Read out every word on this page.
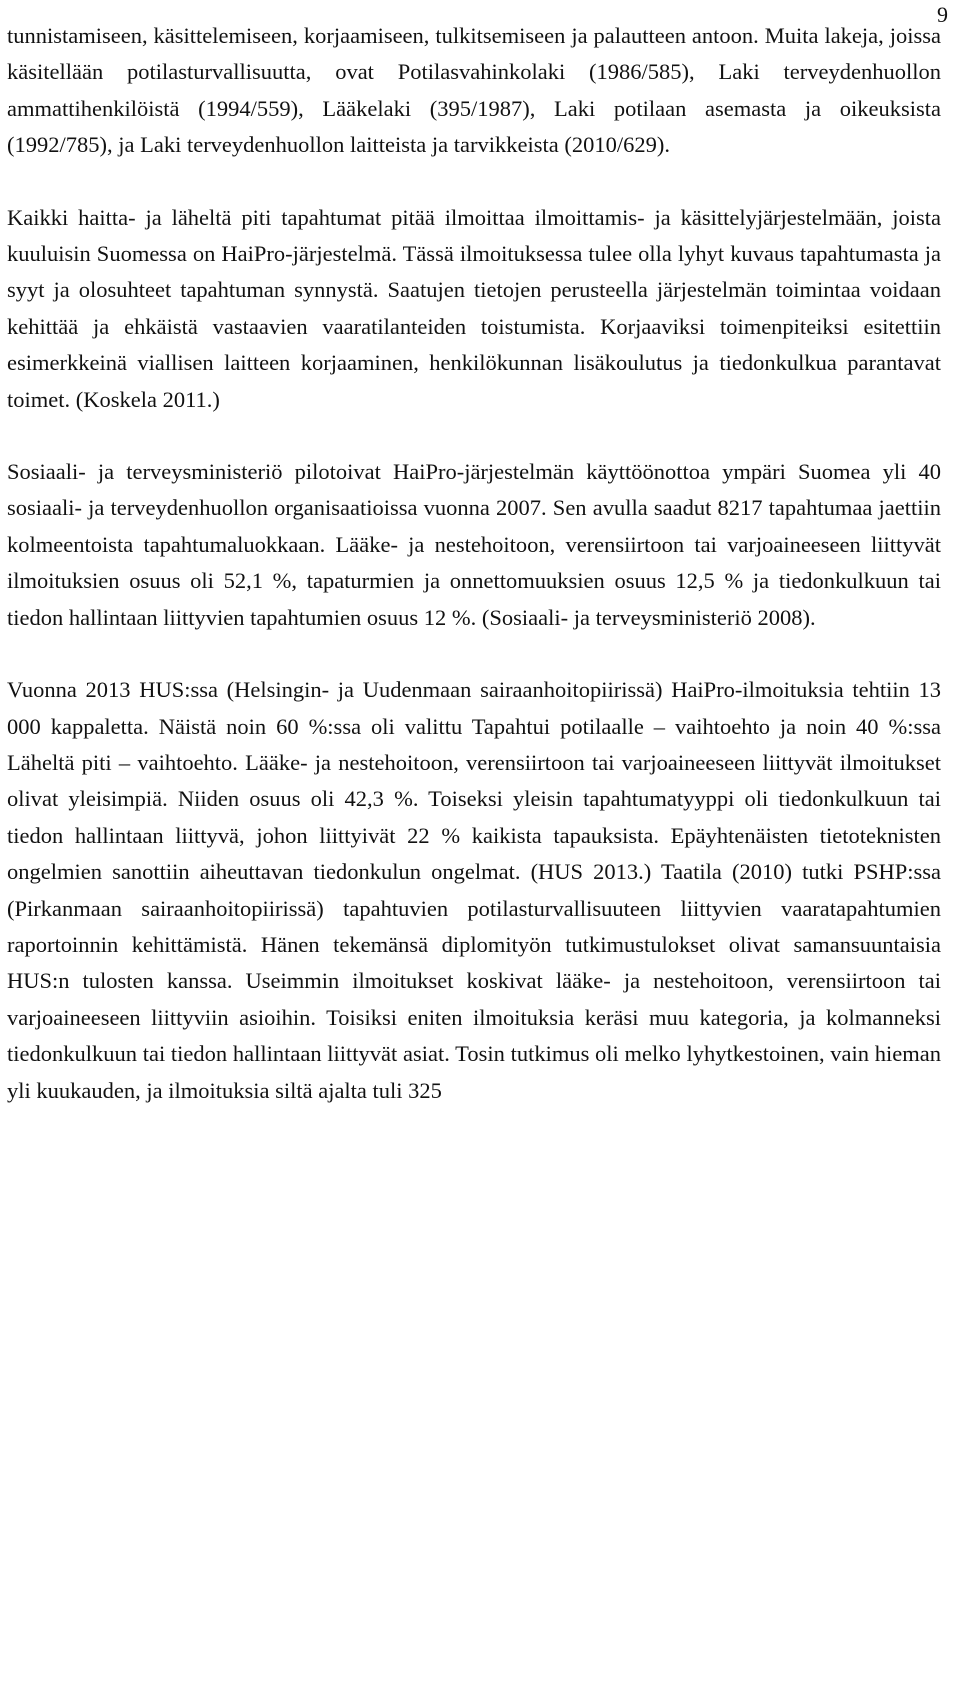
9

tunnistamiseen, käsittelemiseen, korjaamiseen, tulkitsemiseen ja palautteen antoon. Muita lakeja, joissa käsitellään potilasturvallisuutta, ovat Potilasvahinkolaki (1986/585), Laki terveydenhuollon ammattihenkilöistä (1994/559), Lääkelaki (395/1987), Laki potilaan asemasta ja oikeuksista (1992/785), ja Laki terveydenhuollon laitteista ja tarvikkeista (2010/629).

Kaikki haitta- ja läheltä piti tapahtumat pitää ilmoittaa ilmoittamis- ja käsittelyjärjestelmään, joista kuuluisin Suomessa on HaiPro-järjestelmä. Tässä ilmoituksessa tulee olla lyhyt kuvaus tapahtumasta ja syyt ja olosuhteet tapahtuman synnystä. Saatujen tietojen perusteella järjestelmän toimintaa voidaan kehittää ja ehkäistä vastaavien vaaratilanteiden toistumista. Korjaaviksi toimenpiteiksi esitettiin esimerkkeinä viallisen laitteen korjaaminen, henkilökunnan lisäkoulutus ja tiedonkulkua parantavat toimet. (Koskela 2011.)

Sosiaali- ja terveysministeriö pilotoivat HaiPro-järjestelmän käyttöönottoa ympäri Suomea yli 40 sosiaali- ja terveydenhuollon organisaatioissa vuonna 2007. Sen avulla saadut 8217 tapahtumaa jaettiin kolmeentoista tapahtumaluokkaan. Lääke- ja nestehoitoon, verensiirtoon tai varjoaineeseen liittyvät ilmoituksien osuus oli 52,1 %, tapaturmien ja onnettomuuksien osuus 12,5 % ja tiedonkulkuun tai tiedon hallintaan liittyvien tapahtumien osuus 12 %. (Sosiaali- ja terveysministeriö 2008).

Vuonna 2013 HUS:ssa (Helsingin- ja Uudenmaan sairaanhoitopiirissä) HaiPro-ilmoituksia tehtiin 13 000 kappaletta. Näistä noin 60 %:ssa oli valittu Tapahtui potilaalle – vaihtoehto ja noin 40 %:ssa Läheltä piti – vaihtoehto. Lääke- ja nestehoitoon, verensiirtoon tai varjoaineeseen liittyvät ilmoitukset olivat yleisimpiä. Niiden osuus oli 42,3 %. Toiseksi yleisin tapahtumatyyppi oli tiedonkulkuun tai tiedon hallintaan liittyvä, johon liittyivät 22 % kaikista tapauksista. Epäyhtenäisten tietoteknisten ongelmien sanottiin aiheuttavan tiedonkulun ongelmat. (HUS 2013.) Taatila (2010) tutki PSHP:ssa (Pirkanmaan sairaanhoitopiirissä) tapahtuvien potilasturvallisuuteen liittyvien vaaratapahtumien raportoinnin kehittämistä. Hänen tekemänsä diplomityön tutkimustulokset olivat samansuuntaisia HUS:n tulosten kanssa. Useimmin ilmoitukset koskivat lääke- ja nestehoitoon, verensiirtoon tai varjoaineeseen liittyviin asioihin. Toisiksi eniten ilmoituksia keräsi muu kategoria, ja kolmanneksi tiedonkulkuun tai tiedon hallintaan liittyvät asiat. Tosin tutkimus oli melko lyhytkestoinen, vain hieman yli kuukauden, ja ilmoituksia siltä ajalta tuli 325
